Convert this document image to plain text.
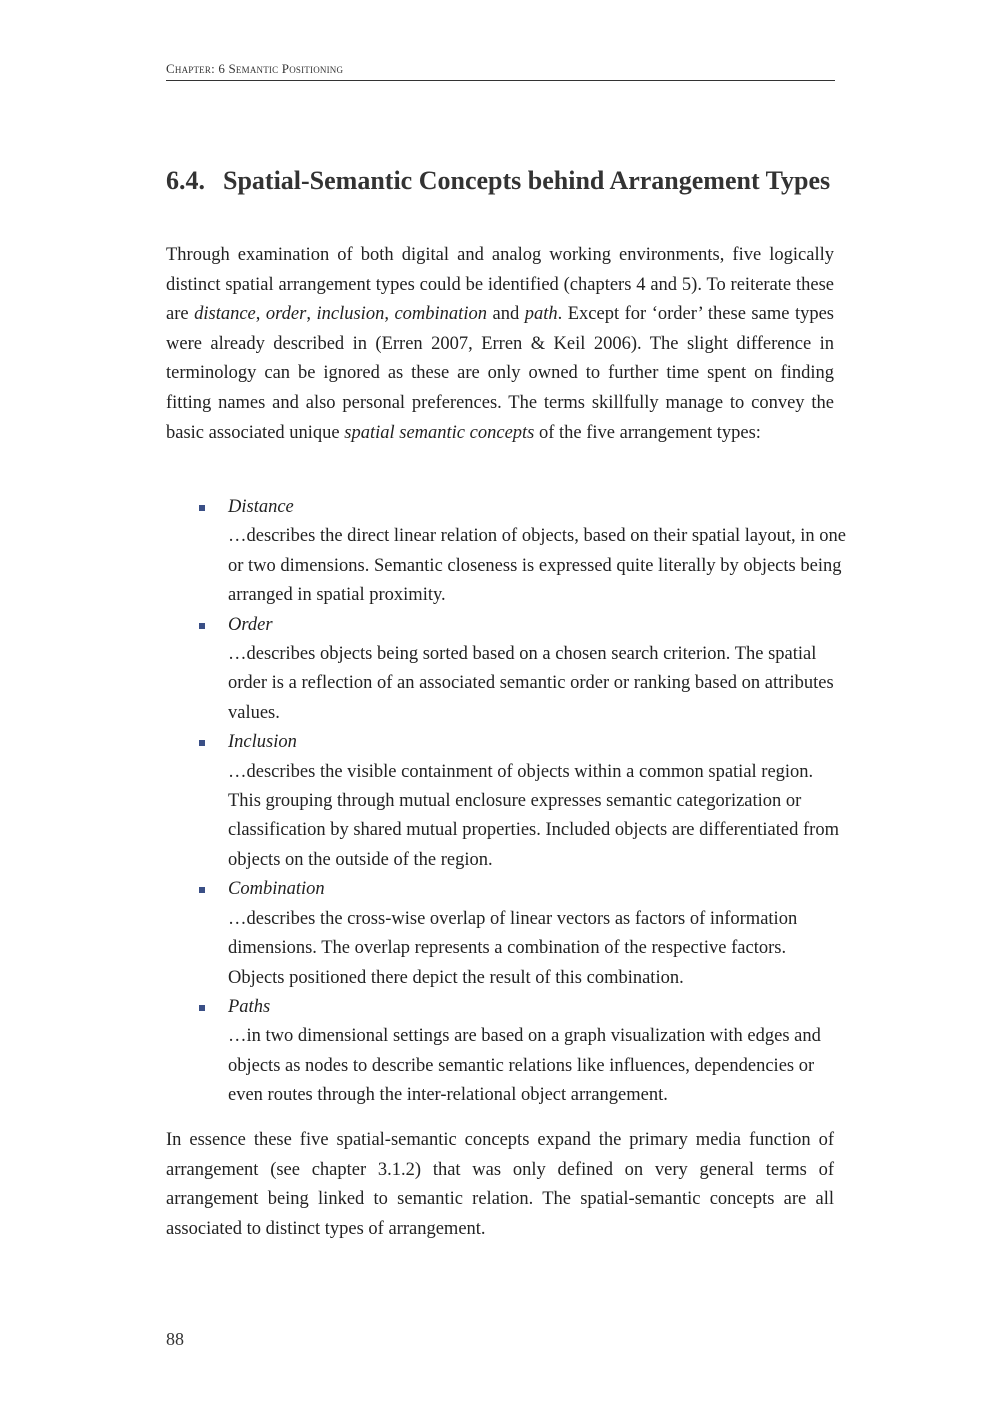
Chapter: 6 Semantic Positioning
6.4. Spatial-Semantic Concepts behind Arrangement Types

Through examination of both digital and analog working environments, five logically distinct spatial arrangement types could be identified (chapters 4 and 5). To reiterate these are distance, order, inclusion, combination and path. Except for ‘order’ these same types were already described in (Erren 2007, Erren & Keil 2006). The slight difference in terminology can be ignored as these are only owned to further time spent on finding fitting names and also personal preferences. The terms skillfully manage to convey the basic associated unique spatial semantic concepts of the five arrangement types:

Distance
…describes the direct linear relation of objects, based on their spatial layout, in one or two dimensions. Semantic closeness is expressed quite literally by objects being arranged in spatial proximity.
Order
…describes objects being sorted based on a chosen search criterion. The spatial order is a reflection of an associated semantic order or ranking based on attributes values.
Inclusion
…describes the visible containment of objects within a common spatial region. This grouping through mutual enclosure expresses semantic categorization or classification by shared mutual properties. Included objects are differentiated from objects on the outside of the region.
Combination
…describes the cross-wise overlap of linear vectors as factors of information dimensions. The overlap represents a combination of the respective factors. Objects positioned there depict the result of this combination.
Paths
…in two dimensional settings are based on a graph visualization with edges and objects as nodes to describe semantic relations like influences, dependencies or even routes through the inter-relational object arrangement.

In essence these five spatial-semantic concepts expand the primary media function of arrangement (see chapter 3.1.2) that was only defined on very general terms of arrangement being linked to semantic relation. The spatial-semantic concepts are all associated to distinct types of arrangement.

88
